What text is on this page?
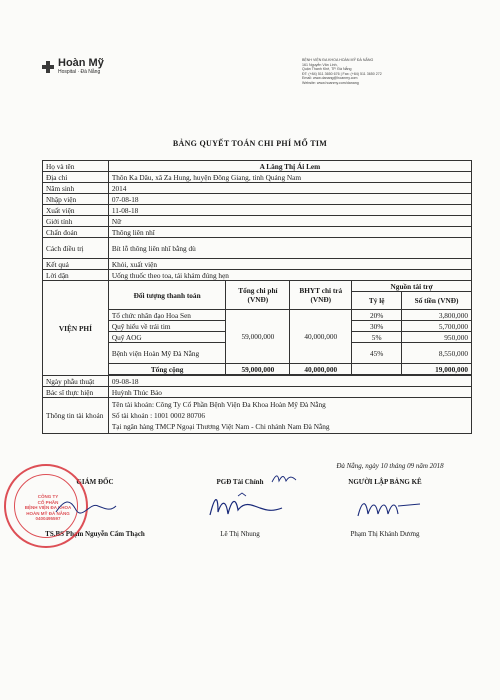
Hoàn Mỹ
Hospital · Đà Nẵng
BỆNH VIỆN ĐA KHOA HOÀN MỸ ĐÀ NẴNG
161 Nguyễn Văn Linh,
Quận Thanh Khê, TP. Đà Nẵng
ĐT: (+84) 511 3650 676 | Fax: (+84) 511 3650 272
Email: www.danang@hoanmy.com
Website: www.hoanmy.com/danang
BẢNG QUYẾT TOÁN CHI PHÍ MỔ TIM
Họ và tên	A Lăng Thị Ái Lem				
Địa chỉ	Thôn Ka Dâu, xã Za Hung, huyện Đông Giang, tỉnh Quảng Nam				
Năm sinh	2014				
Nhập viện	07-08-18				
Xuất viện	11-08-18				
Giới tính	Nữ				
Chẩn đoán	Thông liên nhĩ				
Cách điều trị	Bít lỗ thông liên nhĩ bằng dù				
Kết quả	Khỏi, xuất viện				
Lời dặn	Uống thuốc theo toa, tái khám đúng hẹn				
VIỆN PHÍ	Đối tượng thanh toán	Tổng chi phí (VNĐ)	BHYT chi trả (VNĐ)	Nguồn tài trợ	
				Tỷ lệ	Số tiền (VNĐ)
	Tổ chức nhân đạo Hoa Sen	59,000,000	40,000,000	20%	3,800,000
	Quỹ hiểu về trái tim			30%	5,700,000
	Quỹ AOG			5%	950,000
	Bệnh viện Hoàn Mỹ Đà Nẵng			45%	8,550,000
	Tổng cộng	59,000,000	40,000,000		19,000,000

Ngày phẫu thuật	09-08-18				
Bác sĩ thực hiện	Huỳnh Thúc Bảo				
Thông tin tài khoản	Tên tài khoản: Công Ty Cổ Phần Bệnh Viện Đa Khoa Hoàn Mỹ Đà Nẵng
Số tài khoản : 1001 0002 80706
Tại ngân hàng TMCP Ngoại Thương Việt Nam - Chi nhánh Nam Đà Nẵng				
Đà Nẵng, ngày 10 tháng 09 năm 2018
GIÁM ĐỐC
TS.BS Phạm Nguyễn Cẩm Thạch
PGĐ Tài Chính
Lê Thị Nhung
NGƯỜI LẬP BẢNG KÊ
Phạm Thị Khánh Dương
CÔNG TY
CỔ PHẦN
BỆNH VIỆN ĐA KHOA
HOÀN MỸ ĐÀ NẴNG
0400495597
